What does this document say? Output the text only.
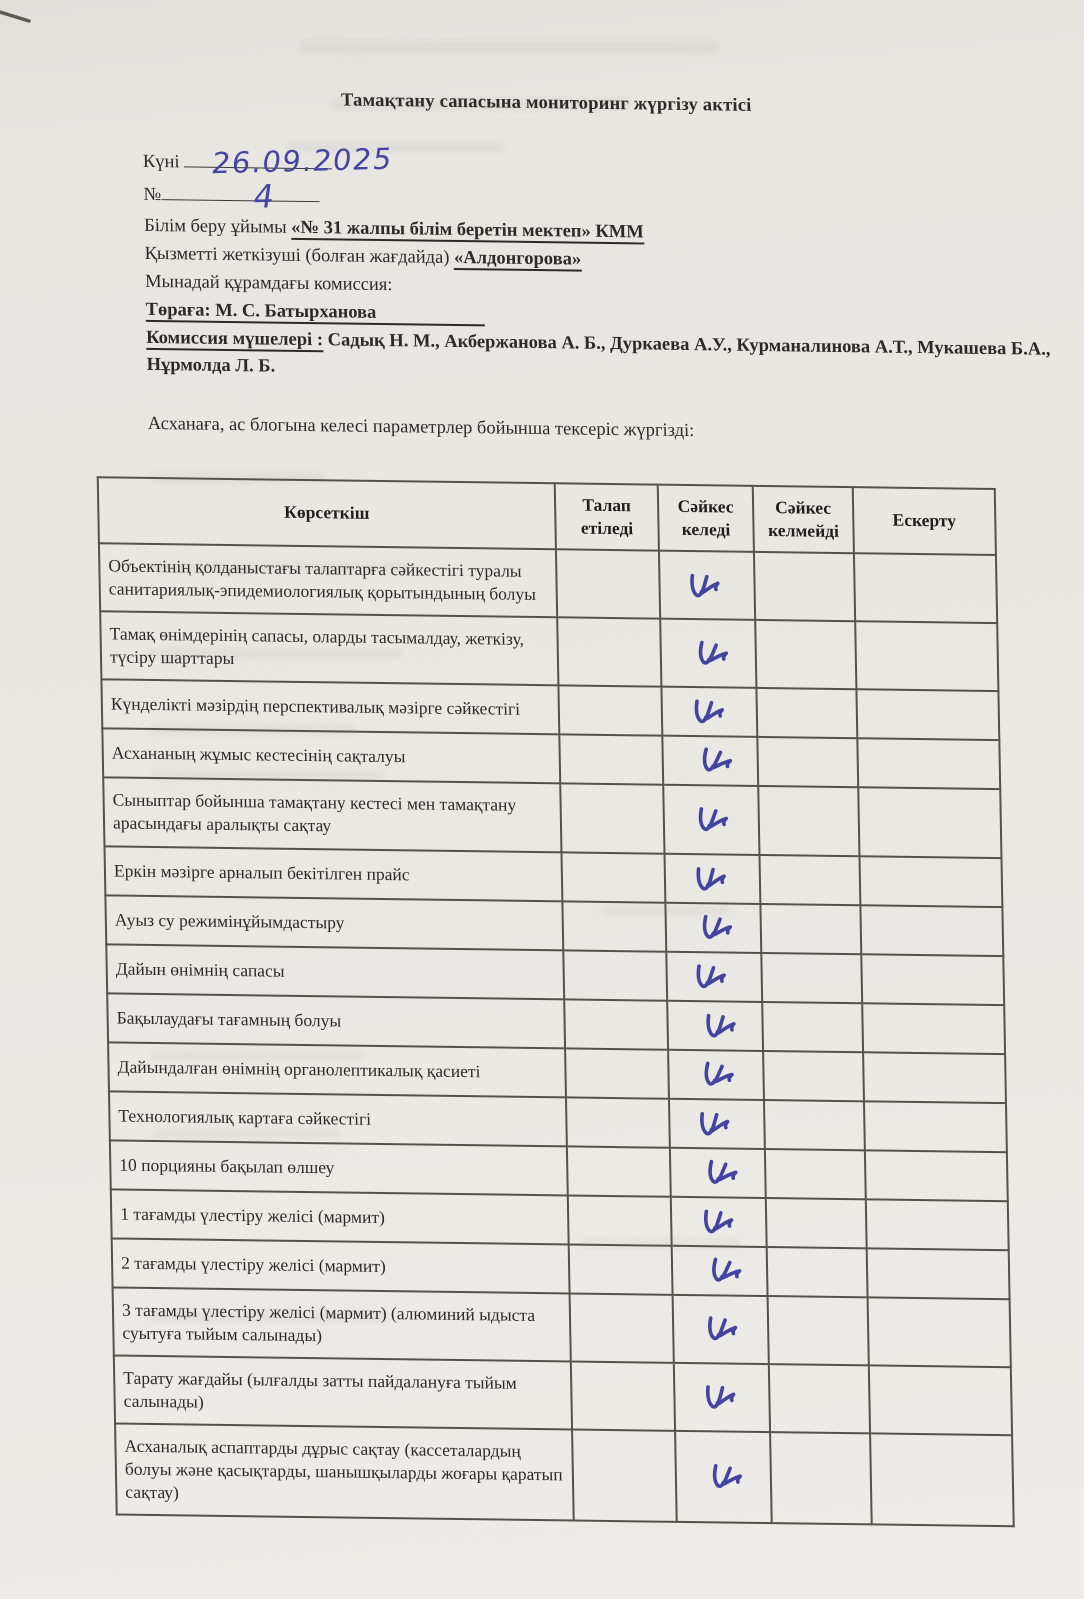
Тамақтану сапасына мониторинг жүргізу актісі
Күні 26.09.2025
№	4
Білім беру ұйымы «№ 31 жалпы білім беретін мектеп» КММ
Қызметті жеткізуші (болған жағдайда) «Алдонгорова»
Мынадай құрамдағы комиссия:
Төраға: М. С. Батырханова
Комиссия мүшелері : Садық Н. М., Акбержанова А. Б., Дуркаева А.У., Курманалинова А.Т., Мукашева Б.А., Нұрмолда Л. Б.
Асханаға, ас блогына келесі параметрлер бойынша тексеріс жүргізді:
Көрсеткіш	Талап етіледі	Сәйкес келеді	Сәйкес келмейді	Ескерту
Объектінің қолданыстағы талаптарға сәйкестігі туралы санитариялық-эпидемиологиялық қорытындының болуы				
Тамақ өнімдерінің сапасы, оларды тасымалдау, жеткізу, түсіру шарттары				
Күнделікті мәзірдің перспективалық мәзірге сәйкестігі				
Асхананың жұмыс кестесінің сақталуы				
Сыныптар бойынша тамақтану кестесі мен тамақтану арасындағы аралықты сақтау				
Еркін мәзірге арналып бекітілген прайс				
Ауыз су режимінұйымдастыру				
Дайын өнімнің сапасы				
Бақылаудағы тағамның болуы				
Дайындалған өнімнің органолептикалық қасиеті				
Технологиялық картаға сәйкестігі				
10 порцияны бақылап өлшеу				
1 тағамды үлестіру желісі (мармит)				
2 тағамды үлестіру желісі (мармит)				
3 тағамды үлестіру желісі (мармит) (алюминий ыдыста суытуға тыйым салынады)				
Тарату жағдайы (ылғалды затты пайдалануға тыйым салынады)				
Асханалық аспаптарды дұрыс сақтау (кассеталардың болуы және қасықтарды, шанышқыларды жоғары қаратып сақтау)				
